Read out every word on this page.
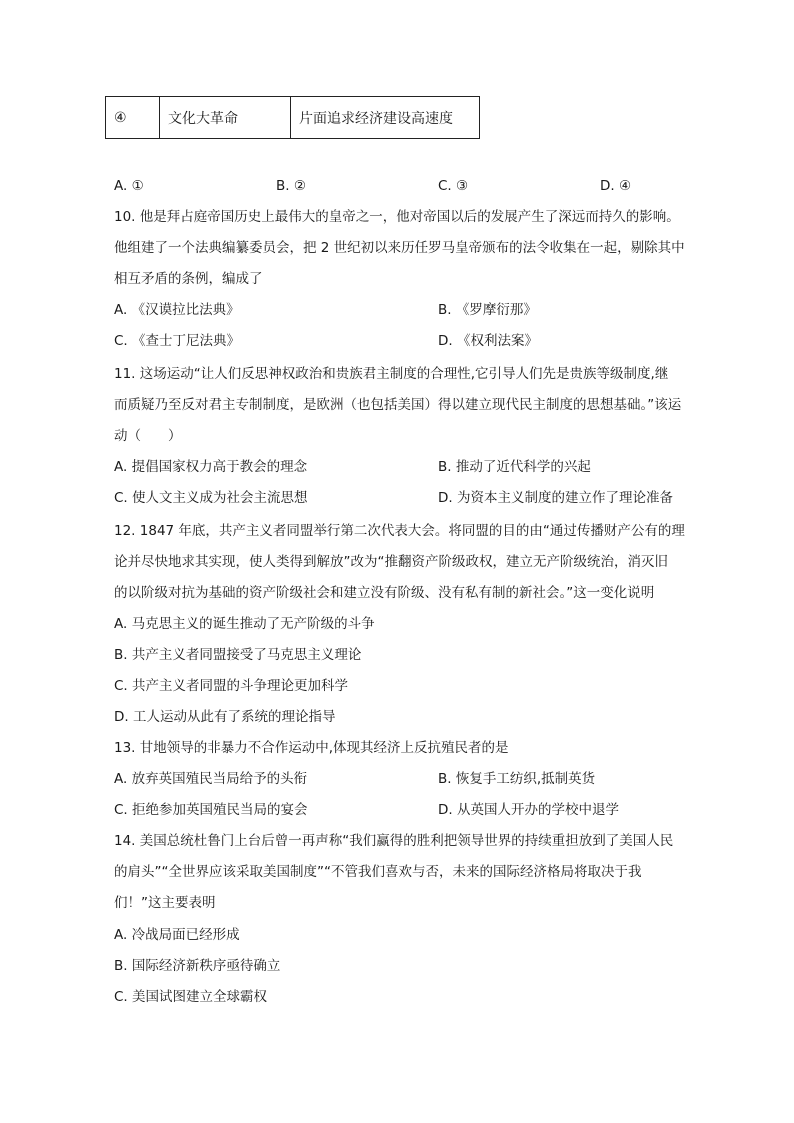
④	文化大革命	片面追求经济建设高速度
A. ①	B. ②	C. ③	D. ④
10. 他是拜占庭帝国历史上最伟大的皇帝之一，他对帝国以后的发展产生了深远而持久的影响。
他组建了一个法典编纂委员会，把 2 世纪初以来历任罗马皇帝颁布的法令收集在一起，剔除其中
相互矛盾的条例，编成了
A. 《汉谟拉比法典》	B. 《罗摩衍那》
C. 《查士丁尼法典》	D. 《权利法案》
11. 这场运动“让人们反思神权政治和贵族君主制度的合理性,它引导人们先是贵族等级制度,继
而质疑乃至反对君主专制制度，是欧洲（也包括美国）得以建立现代民主制度的思想基础。”该运
动（　　）
A. 提倡国家权力高于教会的理念	B. 推动了近代科学的兴起
C. 使人文主义成为社会主流思想	D. 为资本主义制度的建立作了理论准备
12. 1847 年底，共产主义者同盟举行第二次代表大会。将同盟的目的由“通过传播财产公有的理
论并尽快地求其实现，使人类得到解放”改为“推翻资产阶级政权，建立无产阶级统治，消灭旧
的以阶级对抗为基础的资产阶级社会和建立没有阶级、没有私有制的新社会。”这一变化说明
A. 马克思主义的诞生推动了无产阶级的斗争
B. 共产主义者同盟接受了马克思主义理论
C. 共产主义者同盟的斗争理论更加科学
D. 工人运动从此有了系统的理论指导
13. 甘地领导的非暴力不合作运动中,体现其经济上反抗殖民者的是
A. 放弃英国殖民当局给予的头衔	B. 恢复手工纺织,抵制英货
C. 拒绝参加英国殖民当局的宴会	D. 从英国人开办的学校中退学
14. 美国总统杜鲁门上台后曾一再声称“我们赢得的胜利把领导世界的持续重担放到了美国人民
的肩头”“全世界应该采取美国制度”“不管我们喜欢与否，未来的国际经济格局将取决于我
们！”这主要表明
A. 冷战局面已经形成
B. 国际经济新秩序亟待确立
C. 美国试图建立全球霸权
